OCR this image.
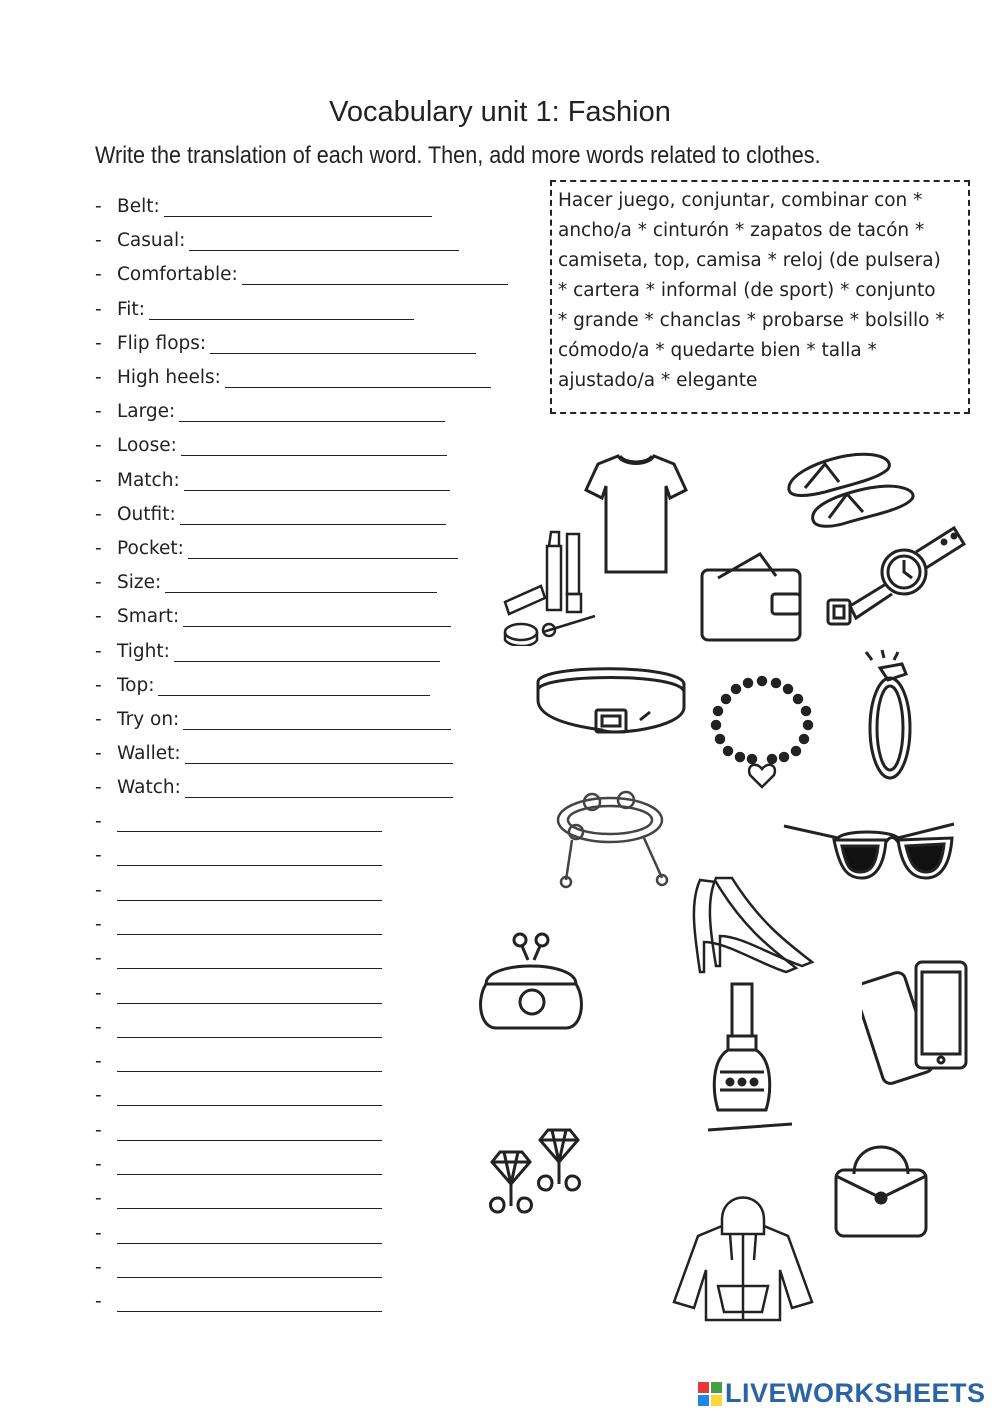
Vocabulary unit 1: Fashion
Write the translation of each word. Then, add more words related to clothes.
- Belt:
- Casual:
- Comfortable:
- Fit:
- Flip flops:
- High heels:
- Large:
- Loose:
- Match:
- Outfit:
- Pocket:
- Size:
- Smart:
- Tight:
- Top:
- Try on:
- Wallet:
- Watch:
-
-
-
-
-
-
-
-
-
-
-
-
-
-
-
Hacer juego, conjuntar, combinar con *
ancho/a * cinturón * zapatos de tacón *
camiseta, top, camisa * reloj (de pulsera)
* cartera * informal (de sport) * conjunto
* grande * chanclas * probarse * bolsillo *
cómodo/a * quedarte bien * talla *
ajustado/a * elegante
LIVEWORKSHEETS
